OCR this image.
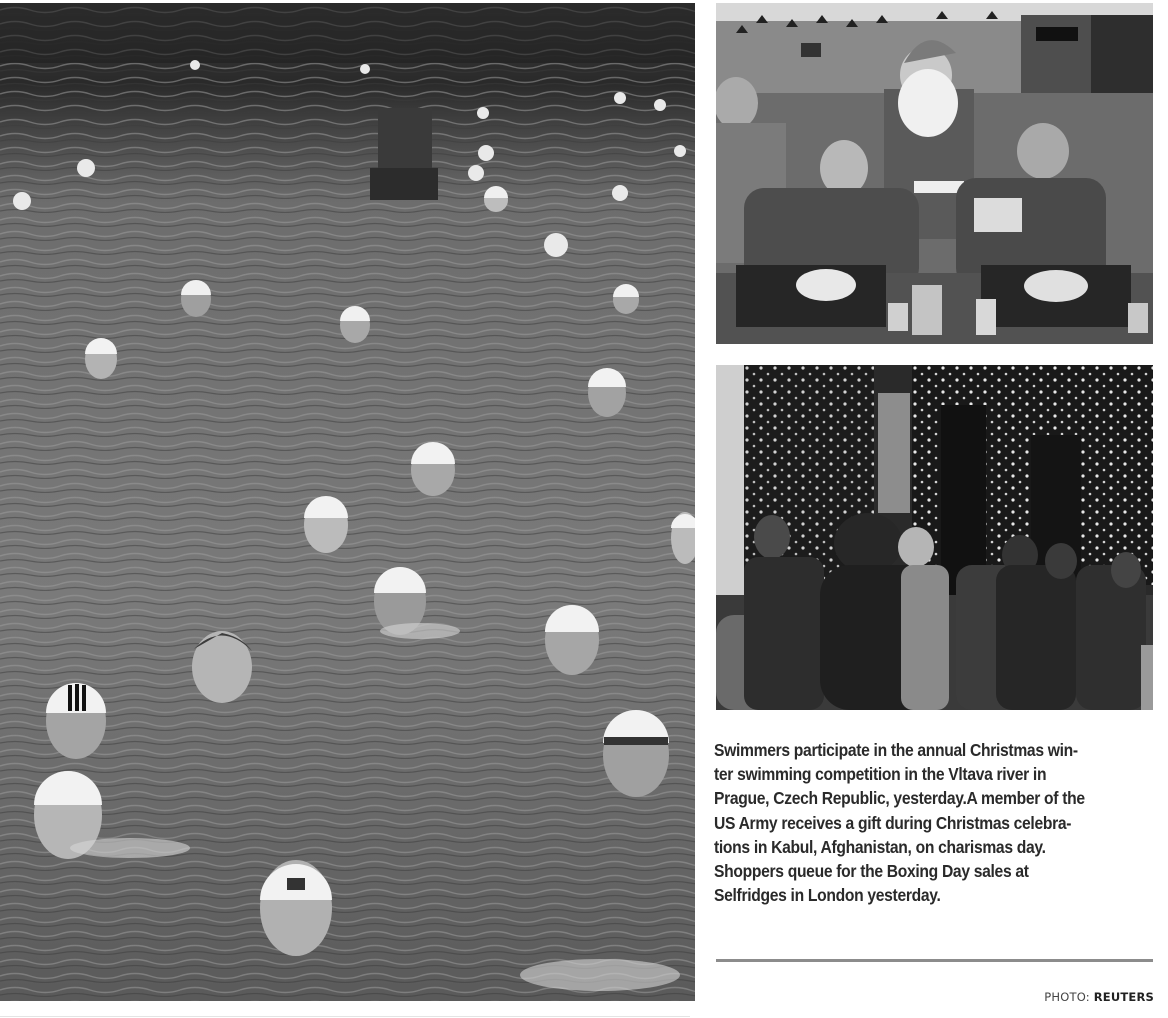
Swimmers participate in the annual Christmas win-
ter swimming competition in the Vltava river in
Prague, Czech Republic, yesterday.A member of the
US Army receives a gift during Christmas celebra-
tions in Kabul, Afghanistan, on charismas day.
Shoppers queue for the Boxing Day sales at
Selfridges in London yesterday.
PHOTO: REUTERS
